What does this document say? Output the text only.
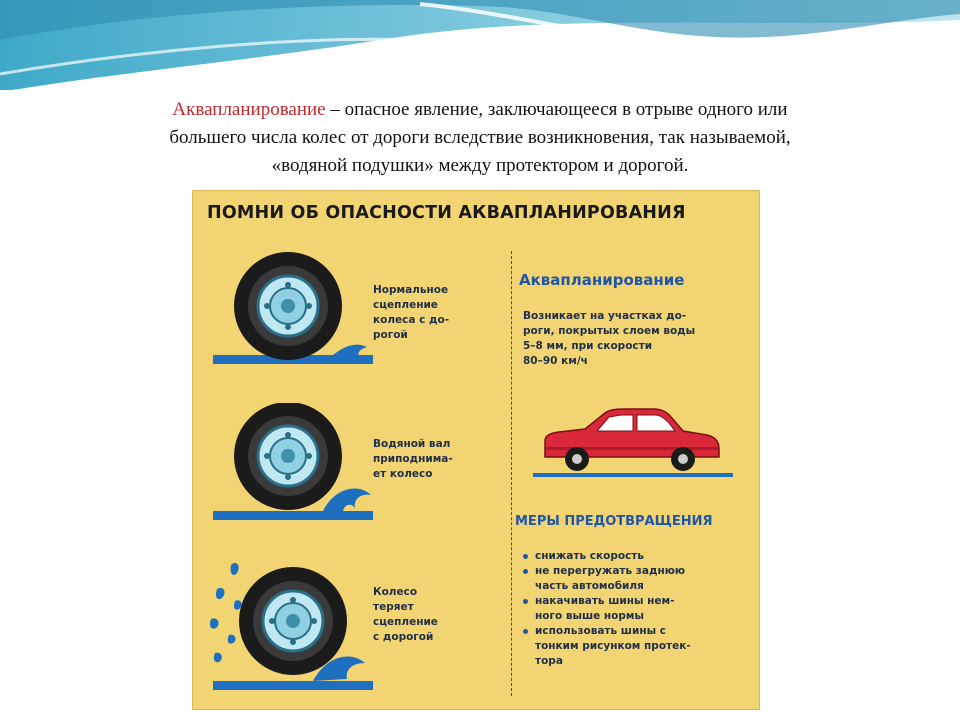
Аквапланирование – опасное явление, заключающееся в отрыве одного или
большего числа колес от дороги вследствие возникновения, так называемой,
«водяной подушки» между протектором и дорогой.
ПОМНИ ОБ ОПАСНОСТИ АКВАПЛАНИРОВАНИЯ
Нормальное
сцепление
колеса с до-
рогой
Водяной вал
приподнима-
ет колесо
Колесо
теряет
сцепление
с дорогой
Аквапланирование
Возникает на участках до-
роги, покрытых слоем воды
5–8 мм, при скорости
80–90 км/ч
МЕРЫ ПРЕДОТВРАЩЕНИЯ
снижать скорость
не перегружать заднюю
часть автомобиля
накачивать шины нем-
ного выше нормы
использовать шины с
тонким рисунком протек-
тора
